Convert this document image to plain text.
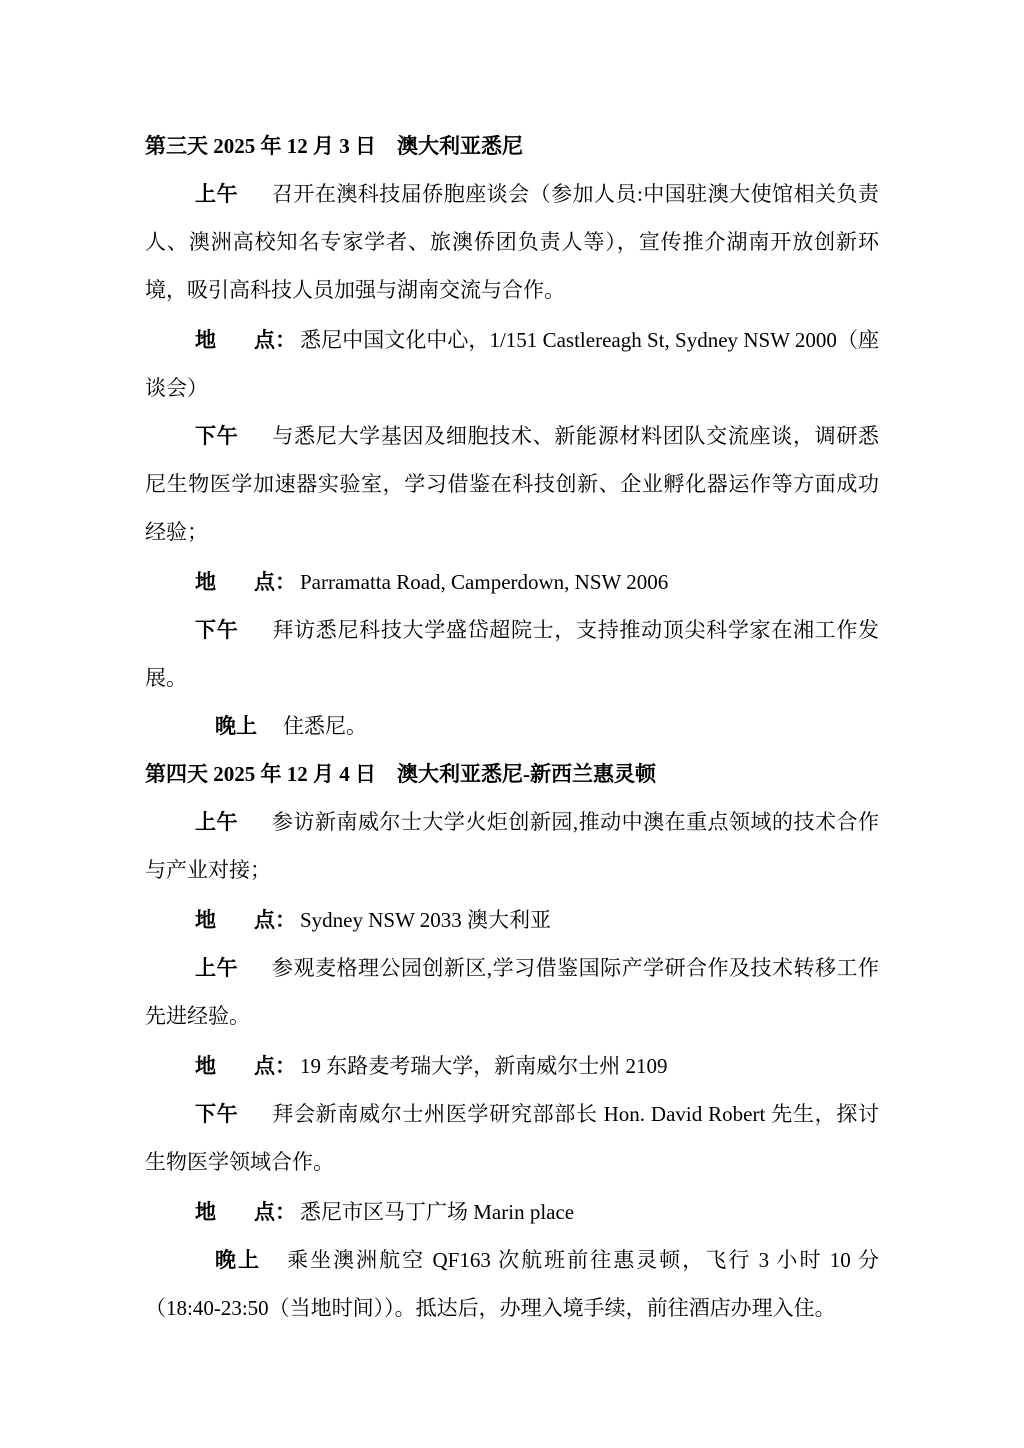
第三天 2025 年 12 月 3 日　澳大利亚悉尼

上午 召开在澳科技届侨胞座谈会（参加人员:中国驻澳大使馆相关负责人、澳洲高校知名专家学者、旅澳侨团负责人等），宣传推介湖南开放创新环境，吸引高科技人员加强与湖南交流与合作。

地 点： 悉尼中国文化中心，1/151 Castlereagh St, Sydney NSW 2000（座谈会）

下午 与悉尼大学基因及细胞技术、新能源材料团队交流座谈，调研悉尼生物医学加速器实验室，学习借鉴在科技创新、企业孵化器运作等方面成功经验；

地 点： Parramatta Road, Camperdown, NSW 2006

下午 拜访悉尼科技大学盛岱超院士，支持推动顶尖科学家在湘工作发展。

晚上 住悉尼。

第四天 2025 年 12 月 4 日　澳大利亚悉尼-新西兰惠灵顿

上午 参访新南威尔士大学火炬创新园,推动中澳在重点领域的技术合作与产业对接；

地 点： Sydney NSW 2033 澳大利亚

上午 参观麦格理公园创新区,学习借鉴国际产学研合作及技术转移工作先进经验。

地 点： 19 东路麦考瑞大学，新南威尔士州 2109

下午 拜会新南威尔士州医学研究部部长 Hon. David Robert 先生，探讨生物医学领域合作。

地 点： 悉尼市区马丁广场 Marin place

晚上 乘坐澳洲航空 QF163 次航班前往惠灵顿，飞行 3 小时 10 分（18:40-23:50（当地时间））。抵达后，办理入境手续，前往酒店办理入住。
